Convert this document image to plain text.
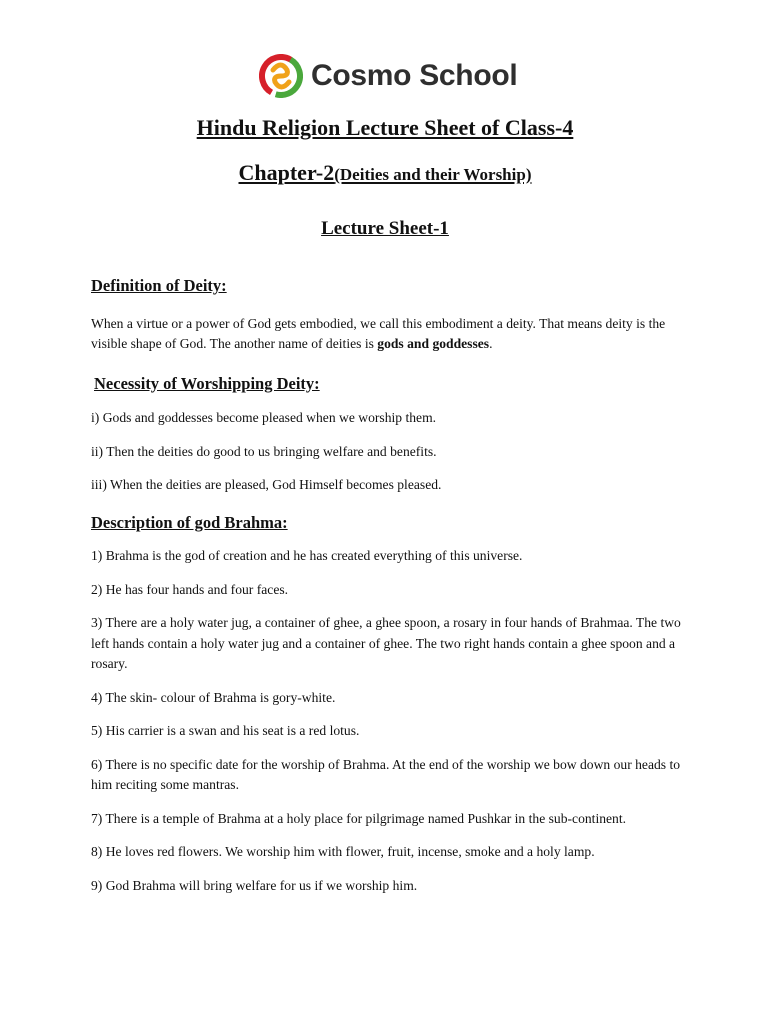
Cosmo School
Hindu Religion Lecture Sheet of Class-4
Chapter-2(Deities and their Worship)
Lecture Sheet-1
Definition of Deity:

When a virtue or a power of God gets embodied, we call this embodiment a deity. That means deity is the visible shape of God. The another name of deities is gods and goddesses.

Necessity of Worshipping Deity:

i) Gods and goddesses become pleased when we worship them.

ii) Then the deities do good to us bringing welfare and benefits.

iii) When the deities are pleased, God Himself becomes pleased.

Description of god Brahma:

1) Brahma is the god of creation and he has created everything of this universe.

2) He has four hands and four faces.

3) There are a holy water jug, a container of ghee, a ghee spoon, a rosary in four hands of Brahmaa. The two left hands contain a holy water jug and a container of ghee. The two right hands contain a ghee spoon and a rosary.

4) The skin- colour of Brahma is gory-white.

5) His carrier is a swan and his seat is a red lotus.

6) There is no specific date for the worship of Brahma. At the end of the worship we bow down our heads to him reciting some mantras.

7) There is a temple of Brahma at a holy place for pilgrimage named Pushkar in the sub-continent.

8) He loves red flowers. We worship him with flower, fruit, incense, smoke and a holy lamp.

9) God Brahma will bring welfare for us if we worship him.
